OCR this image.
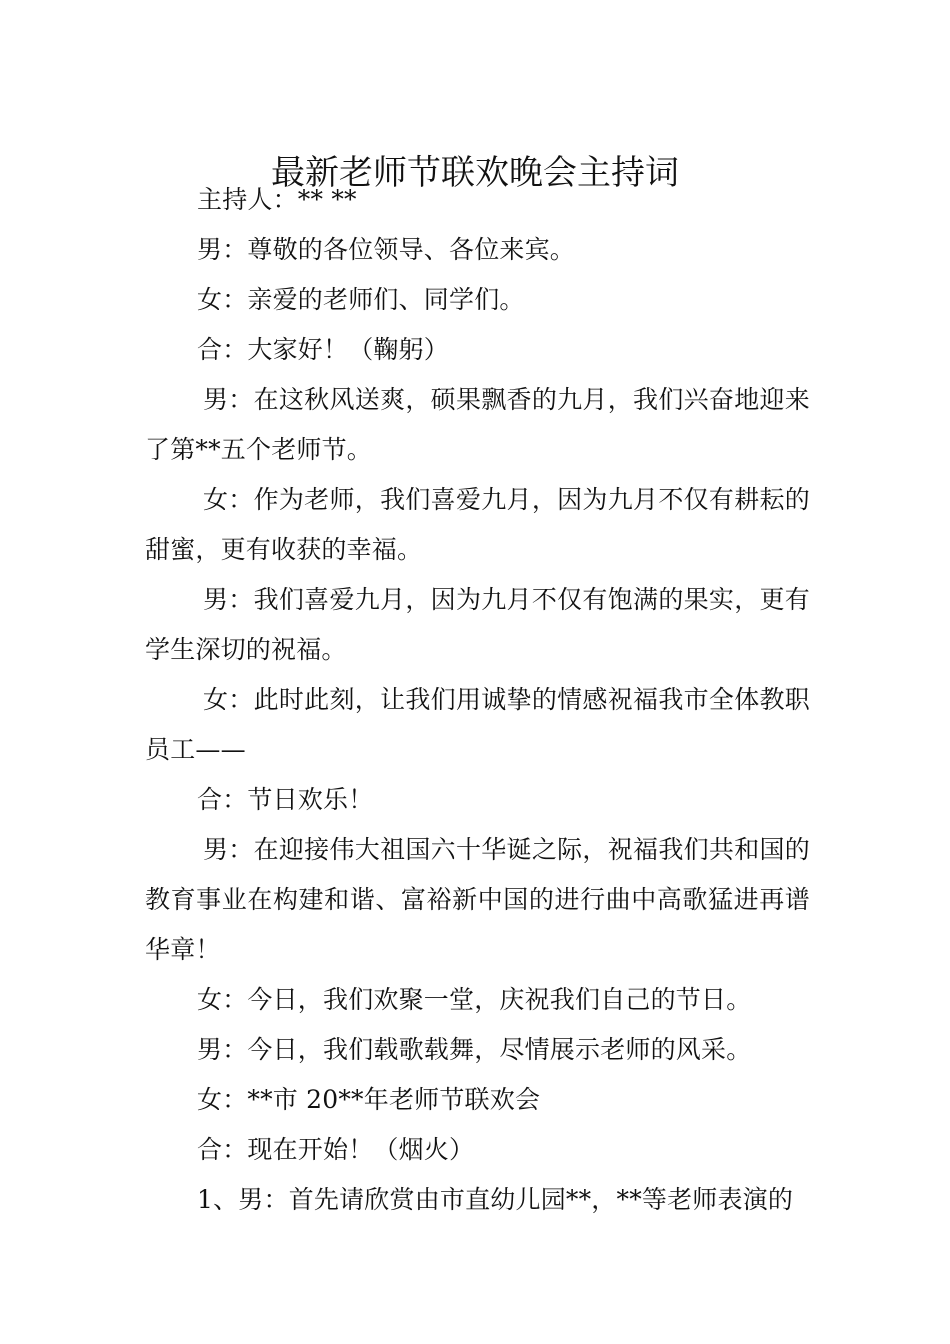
最新老师节联欢晚会主持词

主持人：** **

男：尊敬的各位领导、各位来宾。

女：亲爱的老师们、同学们。

合：大家好！（鞠躬）

男：在这秋风送爽，硕果飘香的九月，我们兴奋地迎来了第**五个老师节。

女：作为老师，我们喜爱九月，因为九月不仅有耕耘的甜蜜，更有收获的幸福。

男：我们喜爱九月，因为九月不仅有饱满的果实，更有学生深切的祝福。

女：此时此刻，让我们用诚挚的情感祝福我市全体教职员工——

合：节日欢乐！

男：在迎接伟大祖国六十华诞之际，祝福我们共和国的教育事业在构建和谐、富裕新中国的进行曲中高歌猛进再谱华章！

女：今日，我们欢聚一堂，庆祝我们自己的节日。

男：今日，我们载歌载舞，尽情展示老师的风采。

女：**市 20**年老师节联欢会

合：现在开始！（烟火）

1、男：首先请欣赏由市直幼儿园**，**等老师表演的
